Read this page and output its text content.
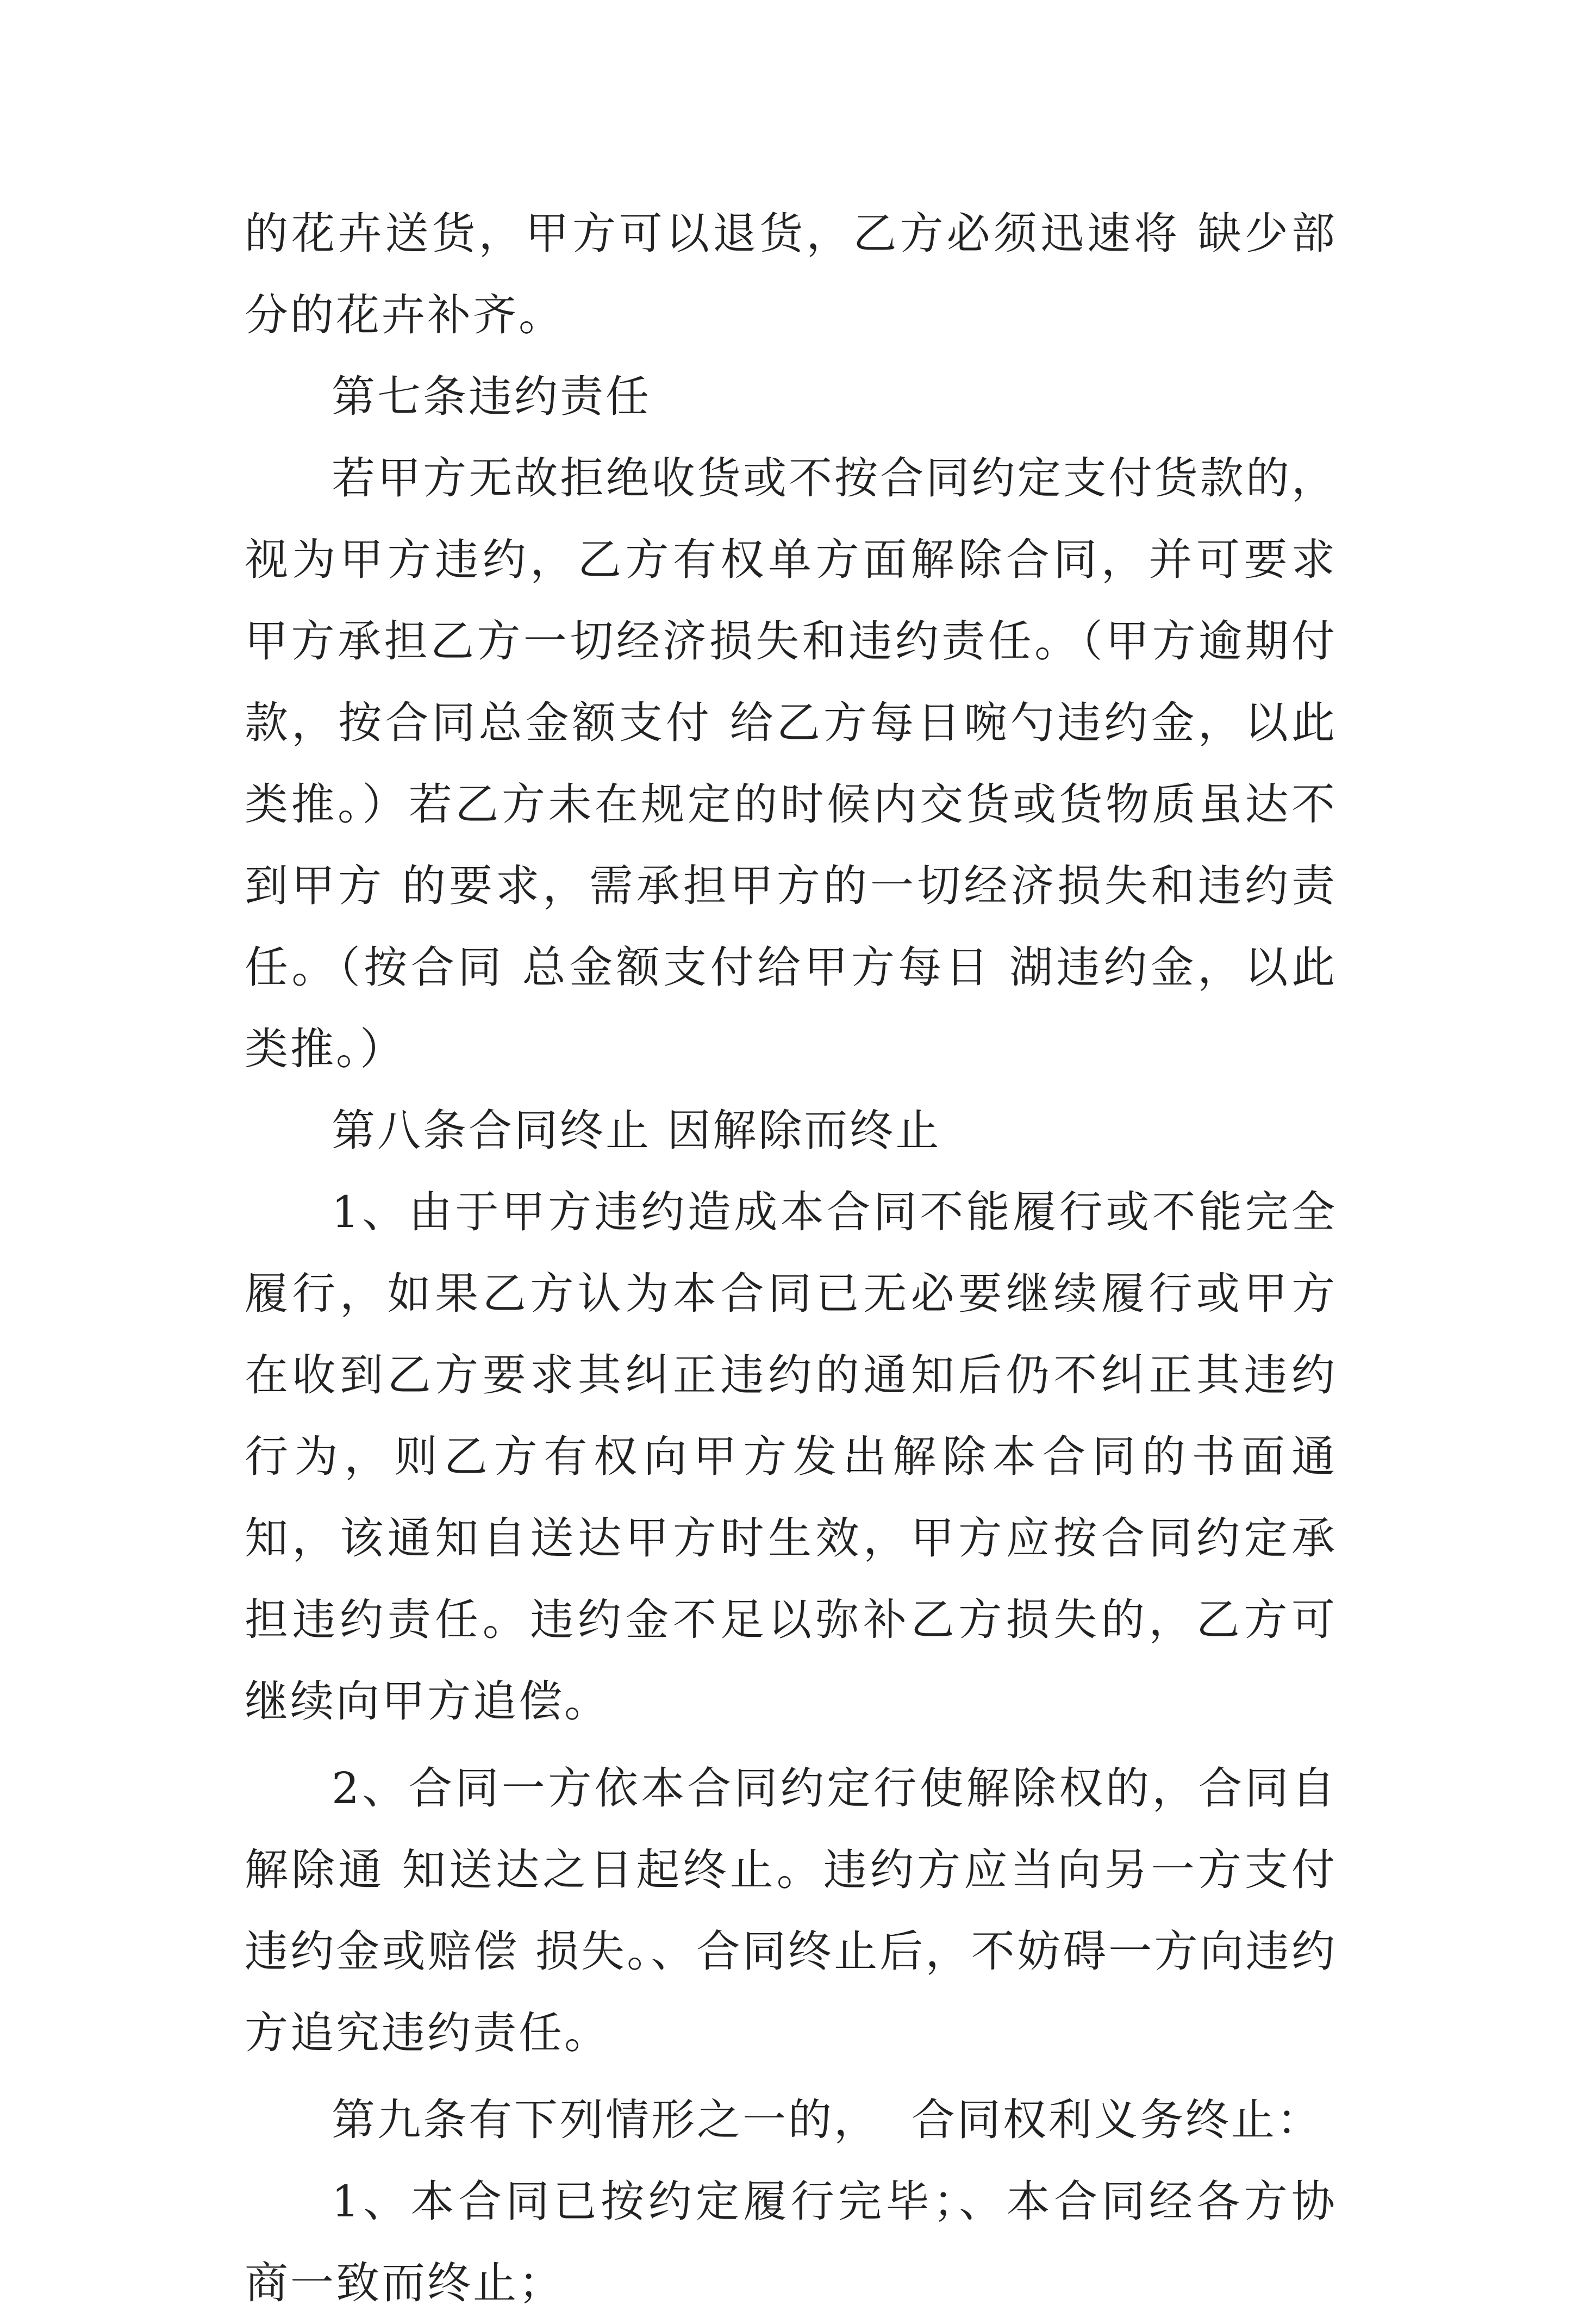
的花卉送货，甲方可以退货，乙方必须迅速将 缺少部分的花卉补齐。

第七条违约责任

若甲方无故拒绝收货或不按合同约定支付货款的，视为甲方违约，乙方有权单方面解除合同，并可要求甲方承担乙方一切经济损失和违约责任。（甲方逾期付款，按合同总金额支付 给乙方每日啘勺违约金，以此类推。）若乙方未在规定的时候内交货或货物质虽达不到甲方 的要求，需承担甲方的一切经济损失和违约责任。（按合同 总金额支付给甲方每日 湖违约金，以此类推。）

第八条合同终止 因解除而终止

1、由于甲方违约造成本合同不能履行或不能完全履行，如果乙方认为本合同已无必要继续履行或甲方在收到乙方要求其纠正违约的通知后仍不纠正其违约行为，则乙方有权向甲方发出解除本合同的书面通知，该通知自送达甲方时生效，甲方应按合同约定承担违约责任。违约金不足以弥补乙方损失的，乙方可继续向甲方追偿。

2、合同一方依本合同约定行使解除权的，合同自解除通 知送达之日起终止。违约方应当向另一方支付违约金或赔偿 损失。、合同终止后，不妨碍一方向违约方追究违约责任。

第九条有下列情形之一的，  合同权利义务终止：

1、本合同已按约定履行完毕；、本合同经各方协商一致而终止；
